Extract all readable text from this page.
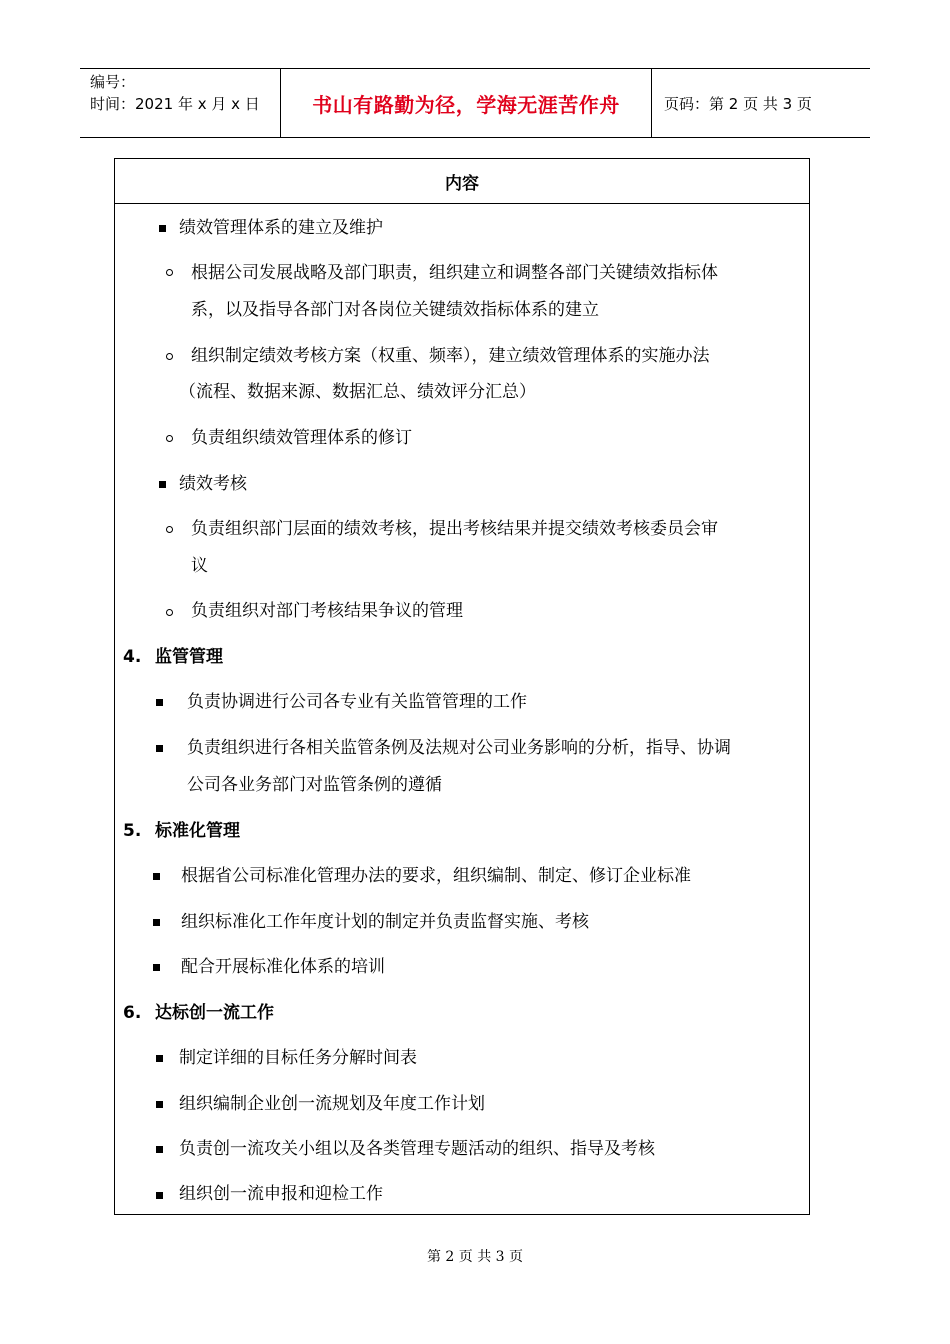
编号：
时间：2021 年 x 月 x 日	书山有路勤为径，学海无涯苦作舟	页码：第 2 页 共 3 页
内容
绩效管理体系的建立及维护
根据公司发展战略及部门职责，组织建立和调整各部门关键绩效指标体
系，以及指导各部门对各岗位关键绩效指标体系的建立
组织制定绩效考核方案（权重、频率），建立绩效管理体系的实施办法
（流程、数据来源、数据汇总、绩效评分汇总）
负责组织绩效管理体系的修订
绩效考核
负责组织部门层面的绩效考核，提出考核结果并提交绩效考核委员会审
议
负责组织对部门考核结果争议的管理
4. 监管管理
负责协调进行公司各专业有关监管管理的工作
负责组织进行各相关监管条例及法规对公司业务影响的分析，指导、协调
公司各业务部门对监管条例的遵循
5. 标准化管理
根据省公司标准化管理办法的要求，组织编制、制定、修订企业标准
组织标准化工作年度计划的制定并负责监督实施、考核
配合开展标准化体系的培训
6. 达标创一流工作
制定详细的目标任务分解时间表
组织编制企业创一流规划及年度工作计划
负责创一流攻关小组以及各类管理专题活动的组织、指导及考核
组织创一流申报和迎检工作
第 2 页 共 3 页
